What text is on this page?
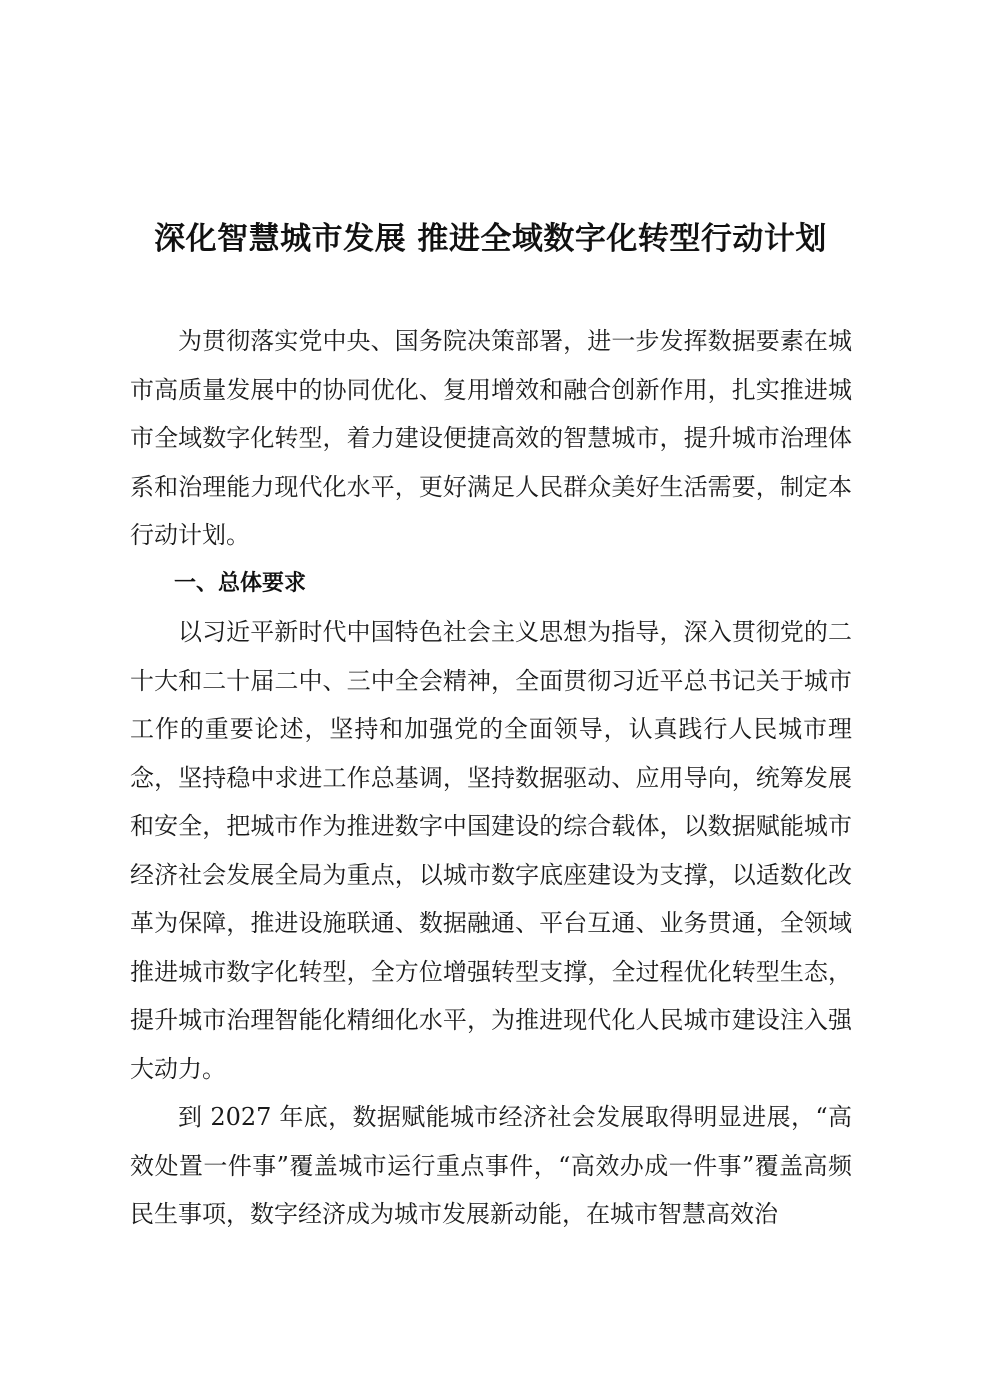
深化智慧城市发展 推进全域数字化转型行动计划

为贯彻落实党中央、国务院决策部署，进一步发挥数据要素在城市高质量发展中的协同优化、复用增效和融合创新作用，扎实推进城市全域数字化转型，着力建设便捷高效的智慧城市，提升城市治理体系和治理能力现代化水平，更好满足人民群众美好生活需要，制定本行动计划。

一、总体要求

以习近平新时代中国特色社会主义思想为指导，深入贯彻党的二十大和二十届二中、三中全会精神，全面贯彻习近平总书记关于城市工作的重要论述，坚持和加强党的全面领导，认真践行人民城市理念，坚持稳中求进工作总基调，坚持数据驱动、应用导向，统筹发展和安全，把城市作为推进数字中国建设的综合载体，以数据赋能城市经济社会发展全局为重点，以城市数字底座建设为支撑，以适数化改革为保障，推进设施联通、数据融通、平台互通、业务贯通，全领域推进城市数字化转型，全方位增强转型支撑，全过程优化转型生态，提升城市治理智能化精细化水平，为推进现代化人民城市建设注入强大动力。

到 2027 年底，数据赋能城市经济社会发展取得明显进展，“高效处置一件事”覆盖城市运行重点事件，“高效办成一件事”覆盖高频民生事项，数字经济成为城市发展新动能，在城市智慧高效治
